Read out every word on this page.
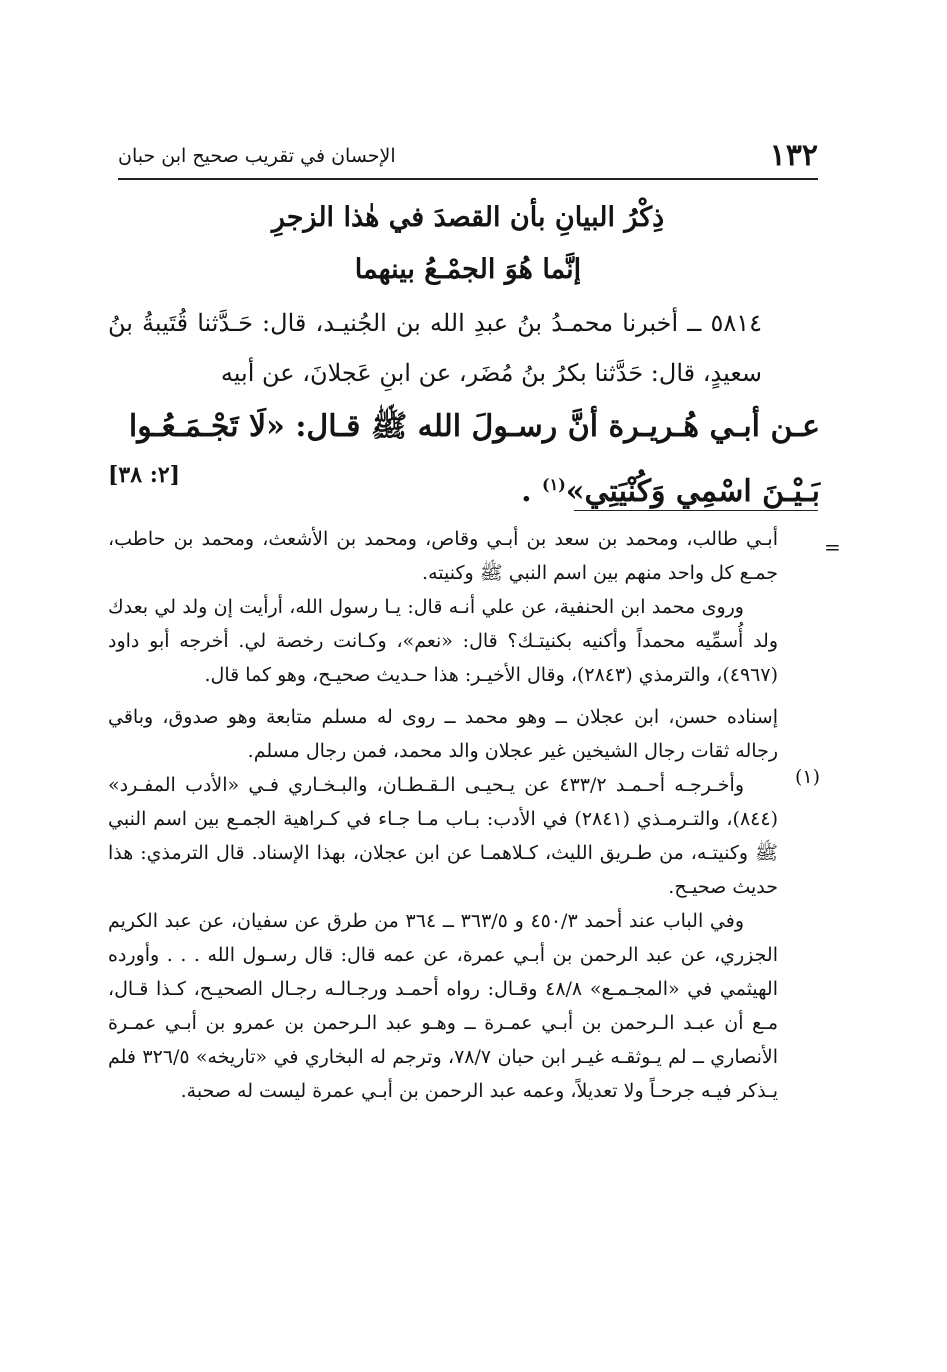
١٣٢
الإحسان في تقريب صحيح ابن حبان
ذِكْرُ البيانِ بأن القصدَ في هٰذا الزجرِ
إنَّما هُوَ الجمْـعُ بينهما

٥٨١٤ ــ أخبرنا محمـدُ بنُ عبدِ الله بن الجُنيـد، قال: حَـدَّثنا قُتَيبةُ بنُ سعيدٍ، قال: حَدَّثنا بكرُ بنُ مُضَر، عن ابنِ عَجلانَ، عن أبيه

عـن أبـي هُـريـرة أنَّ رسـولَ الله ﷺ قـال: «لَا تَجْـمَـعُـوا
بَـيْـنَ اسْمِي وَكُنْيَتِي»$^{(١)}$ .
[٢: ٣٨]
=
(١)

أبـي طالب، ومحمد بن سعد بن أبـي وقاص، ومحمد بن الأشعث، ومحمد بن حاطب، جمـع كل واحد منهم بين اسم النبي ﷺ وكنيته.

وروى محمد ابن الحنفية، عن علي أنـه قال: يـا رسول الله، أرأيت إن ولد لي بعدك ولد أُسمِّيه محمداً وأكنيه بكنيتـك؟ قال: «نعم»، وكـانت رخصة لي. أخرجه أبو داود (٤٩٦٧)، والترمذي (٢٨٤٣)، وقال الأخيـر: هذا حـديث صحيـح، وهو كما قال.

إسناده حسن، ابن عجلان ــ وهو محمد ــ روى له مسلم متابعة وهو صدوق، وباقي رجاله ثقات رجال الشيخين غير عجلان والد محمد، فمن رجال مسلم.

وأخـرجـه أحـمـد ٤٣٣/٢ عن يـحيـى الـقـطـان، والبـخـاري فـي «الأدب المفـرد» (٨٤٤)، والتـرمـذي (٢٨٤١) في الأدب: بـاب مـا جـاء في كـراهية الجمـع بين اسم النبي ﷺ وكنيتـه، من طـريق الليث، كـلاهمـا عن ابن عجلان، بهذا الإسناد. قال الترمذي: هذا حديث صحيـح.

وفي الباب عند أحمد ٤٥٠/٣ و ٣٦٣/٥ ــ ٣٦٤ من طرق عن سفيان، عن عبد الكريم الجزري، عن عبد الرحمن بن أبـي عمرة، عن عمه قال: قال رسـول الله . . . وأورده الهيثمي في «المجـمـع» ٤٨/٨ وقـال: رواه أحمـد ورجـالـه رجـال الصحيـح، كـذا قـال، مـع أن عبـد الـرحمن بن أبـي عمـرة ــ وهـو عبد الـرحمن بن عمرو بن أبـي عمـرة الأنصاري ــ لم يـوثقـه غيـر ابن حبان ٧٨/٧، وترجم له البخاري في «تاريخه» ٣٢٦/٥ فلم يـذكر فيـه جرحـاً ولا تعديلاً، وعمه عبد الرحمن بن أبـي عمرة ليست له صحبة.
